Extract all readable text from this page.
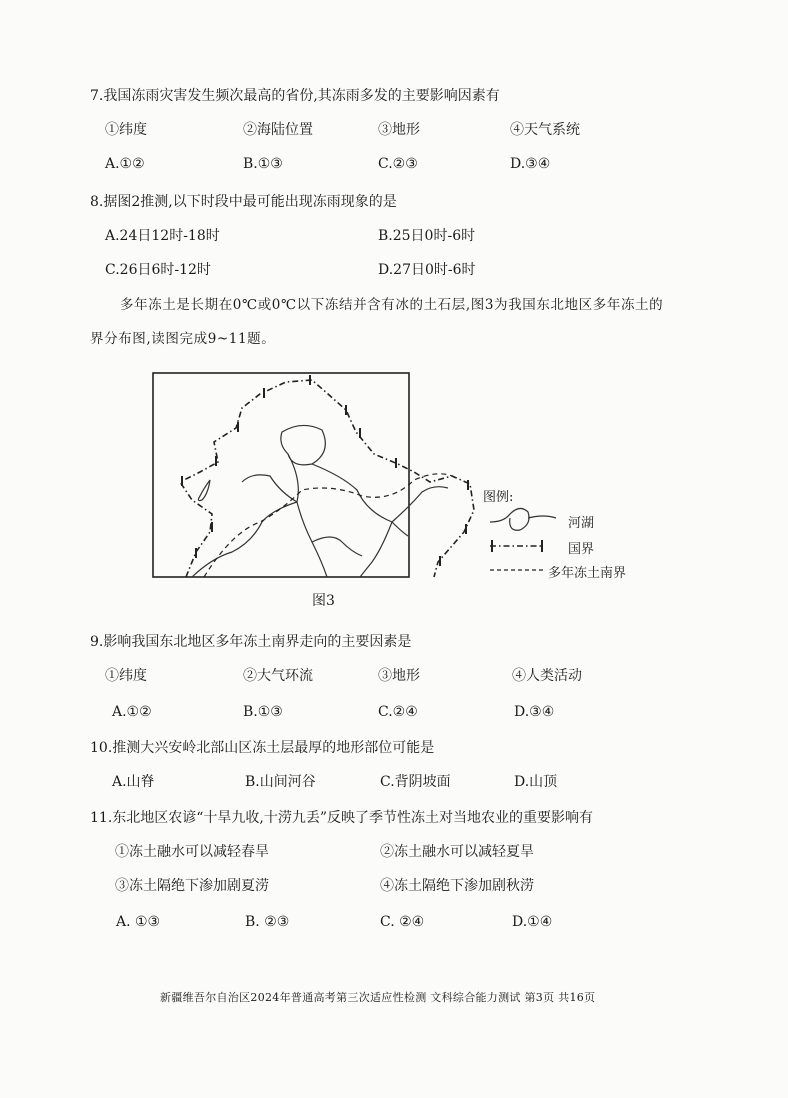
7.我国冻雨灾害发生频次最高的省份,其冻雨多发的主要影响因素有
①纬度	②海陆位置	③地形	④天气系统
A.①②	B.①③	C.②③	D.③④
8.据图2推测,以下时段中最可能出现冻雨现象的是
A.24日12时-18时	B.25日0时-6时
C.26日6时-12时	D.27日0时-6时
多年冻土是长期在0℃或0℃以下冻结并含有冰的土石层,图3为我国东北地区多年冻土的
界分布图,读图完成9~11题。
图例:
河湖
国界
多年冻土南界
图3
9.影响我国东北地区多年冻土南界走向的主要因素是
①纬度	②大气环流	③地形	④人类活动
A.①②	B.①③	C.②④	D.③④
10.推测大兴安岭北部山区冻土层最厚的地形部位可能是
A.山脊	B.山间河谷	C.背阴坡面	D.山顶
11.东北地区农谚“十旱九收,十涝九丢”反映了季节性冻土对当地农业的重要影响有
①冻土融水可以减轻春旱	②冻土融水可以减轻夏旱
③冻土隔绝下渗加剧夏涝	④冻土隔绝下渗加剧秋涝
A. ①③	B. ②③	C. ②④	D.①④
新疆维吾尔自治区2024年普通高考第三次适应性检测 文科综合能力测试 第3页 共16页
